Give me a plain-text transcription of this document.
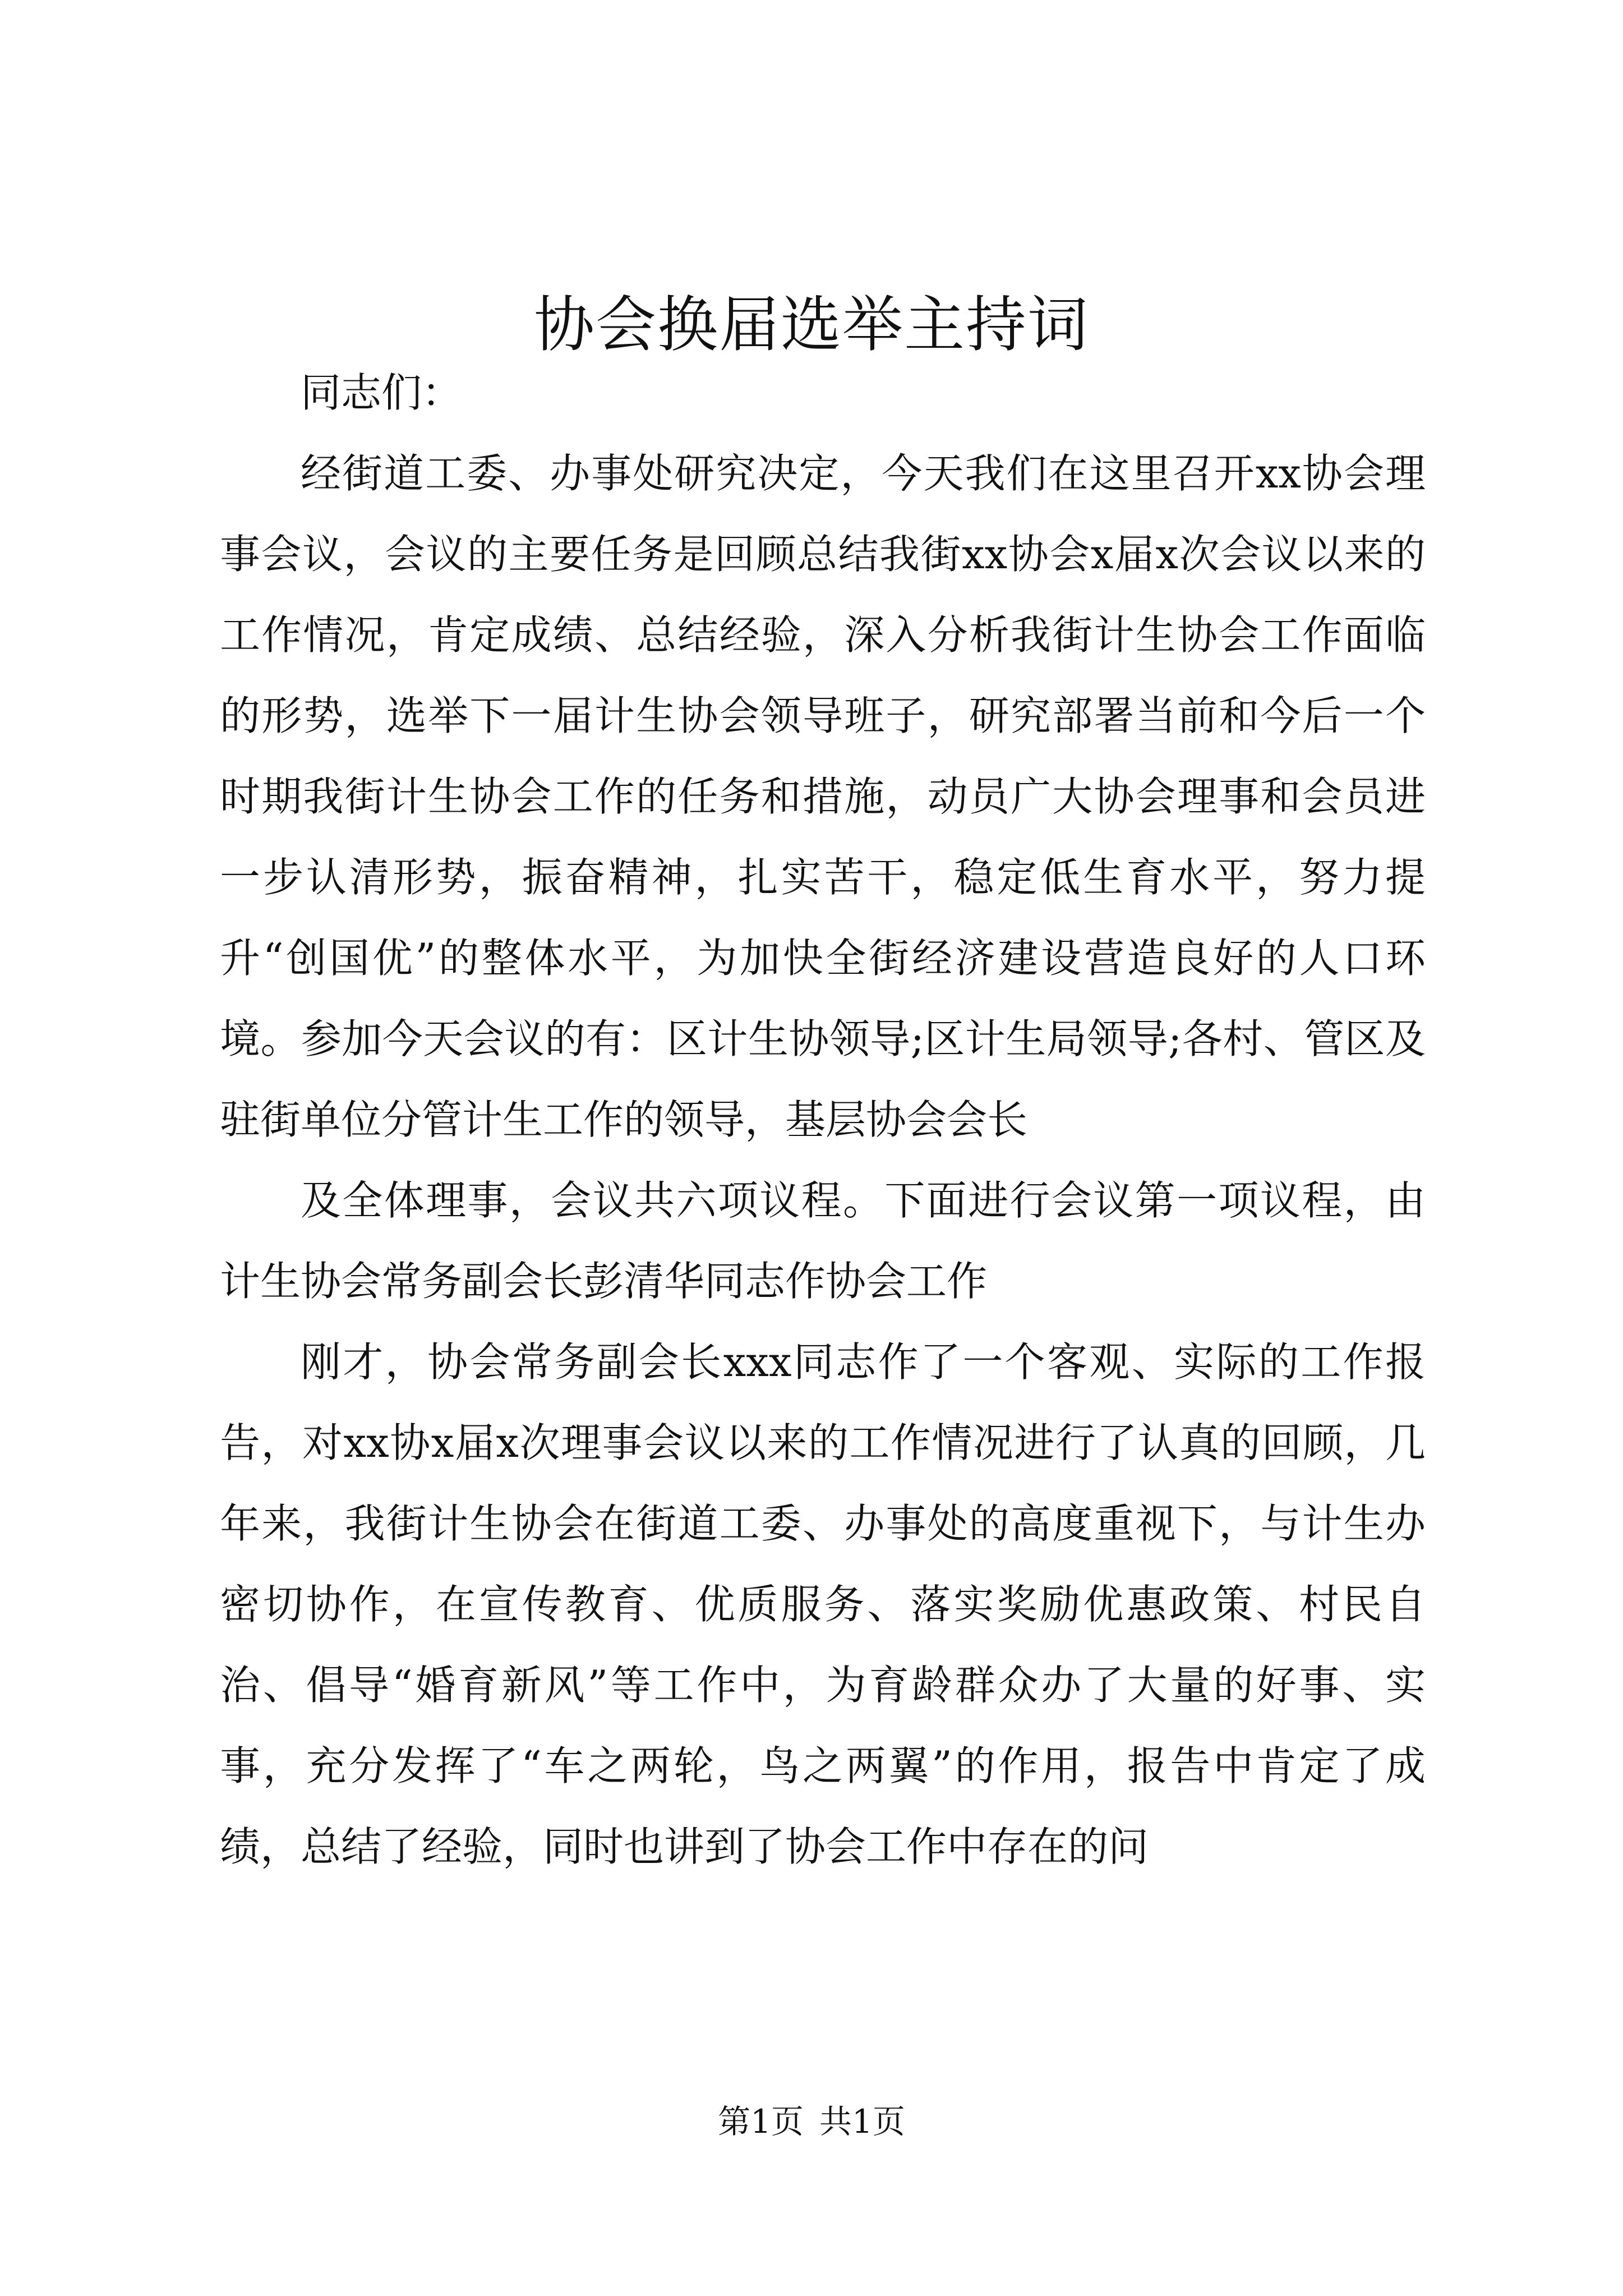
协会换届选举主持词

同志们：

经街道工委、办事处研究决定，今天我们在这里召开xx协会理事会议，会议的主要任务是回顾总结我街xx协会x届x次会议以来的工作情况，肯定成绩、总结经验，深入分析我街计生协会工作面临的形势，选举下一届计生协会领导班子，研究部署当前和今后一个时期我街计生协会工作的任务和措施，动员广大协会理事和会员进一步认清形势，振奋精神，扎实苦干，稳定低生育水平，努力提升“创国优”的整体水平，为加快全街经济建设营造良好的人口环境。参加今天会议的有：区计生协领导;区计生局领导;各村、管区及驻街单位分管计生工作的领导，基层协会会长

及全体理事，会议共六项议程。下面进行会议第一项议程，由计生协会常务副会长彭清华同志作协会工作

刚才，协会常务副会长xxx同志作了一个客观、实际的工作报告，对xx协x届x次理事会议以来的工作情况进行了认真的回顾，几年来，我街计生协会在街道工委、办事处的高度重视下，与计生办密切协作，在宣传教育、优质服务、落实奖励优惠政策、村民自治、倡导“婚育新风”等工作中，为育龄群众办了大量的好事、实事，充分发挥了“车之两轮，鸟之两翼”的作用，报告中肯定了成绩，总结了经验，同时也讲到了协会工作中存在的问

第1页 共1页
